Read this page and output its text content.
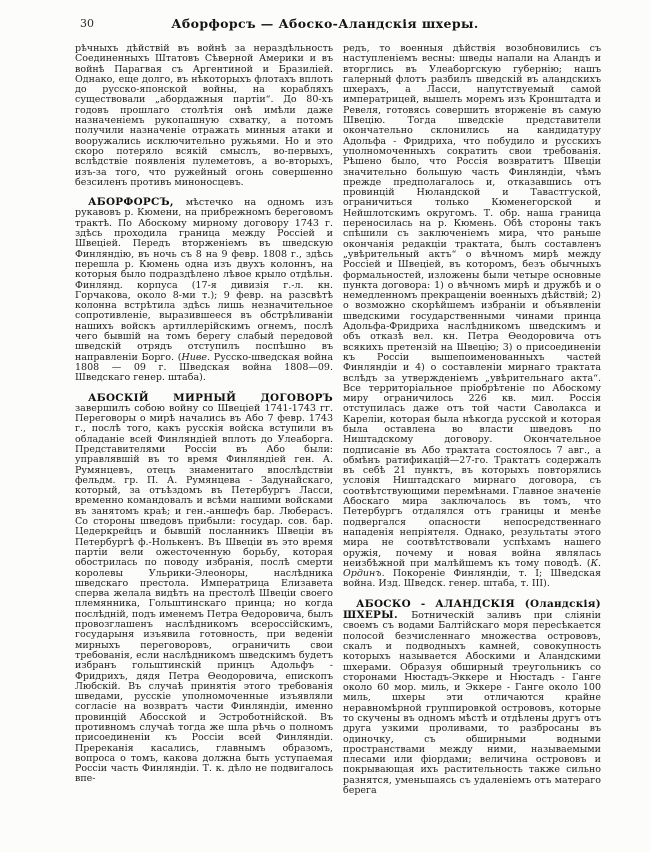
30	Аборфорсъ — Абоско-Аландскія шхеры.

рѣчныхъ дѣйствій въ войнѣ за нераздѣльность Соединенныхъ Штатовъ Сѣверной Америки и въ войнѣ Парагвая съ Аргентиной и Бразиліей. Однако, еще долго, въ нѣкоторыхъ флотахъ вплоть до русско-японской войны, на корабляхъ существовали „абордажныя партіи“. До 80-хъ годовъ прошлаго столѣтія онѣ имѣли даже назначеніемъ рукопашную схватку, а потомъ получили назначеніе отражать минныя атаки и вооружались исключительно ружьями. Но и это скоро потеряло всякій смыслъ, во-первыхъ, вслѣдствіе появленія пулеметовъ, а во-вторыхъ, изъ-за того, что ружейный огонь совершенно безсиленъ противъ миноносцевъ.

АБОРФОРСЪ, мѣстечко на одномъ изъ рукавовъ р. Кюмени, на прибрежномъ береговомъ трактѣ. По Абоскому мирному договору 1743 г. здѣсь проходила граница между Россіей и Швеціей. Передъ вторженіемъ въ шведскую Финляндію, въ ночь съ 8 на 9 февр. 1808 г., здѣсь перешла р. Кюмень одна изъ двухъ колоннъ, на которыя было подраздѣлено лѣвое крыло отдѣльн. Финлянд. корпуса (17-я дивизія г.-л. кн. Горчакова, около 8-ми т.); 9 февр. на разсвѣтѣ колонна встрѣтила здѣсь лишь незначительное сопротивленіе, выразившееся въ обстрѣливаніи нашихъ войскъ артиллерійскимъ огнемъ, послѣ чего бывшій на томъ берегу слабый передовой шведскій отрядъ отступилъ поспѣшно въ направленіи Борго. (Ниве. Русско-шведская война 1808 — 09 г. Шведская война 1808—09. Шведскаго генер. штаба).

АБОСКІЙ МИРНЫЙ ДОГОВОРЪ завершилъ собою войну со Швеціей 1741-1743 гг. Переговоры о мирѣ начались въ Або 7 февр. 1743 г., послѣ того, какъ русскія войска вступили въ обладаніе всей Финляндіей вплоть до Улеаборга. Представителями Россіи въ Або были: управлявшій въ то время Финляндіей ген. А. Румянцевъ, отецъ знаменитаго впослѣдствіи фельдм. гр. П. А. Румянцева - Задунайскаго, который, за отъѣздомъ въ Петербургъ Ласси, временно командовалъ и всѣми нашими войсками въ занятомъ краѣ; и ген.-аншефъ бар. Люберасъ. Со стороны шведовъ прибыли: государ. сов. бар. Цедеркрейцъ и бывшій посланникъ Швеціи въ Петербургѣ ф.-Нолькенъ. Въ Швеціи въ это время партіи вели ожесточенную борьбу, которая обострилась по поводу избранія, послѣ смерти королевы Ульрики-Элеоноры, наслѣдника шведскаго престола. Императрица Елизавета сперва желала видѣть на престолѣ Швеціи своего племянника, Гольштинскаго принца; но когда послѣдній, подъ именемъ Петра Ѳедоровича, былъ провозглашенъ наслѣдникомъ всероссійскимъ, государыня изъявила готовность, при веденіи мирныхъ переговоровъ, ограничить свои требованія, если наслѣдникомъ шведскимъ будетъ избранъ гольштинскій принцъ Адольфъ - Фридрихъ, дядя Петра Ѳеодоровича, епископъ Любскій. Въ случаѣ принятія этого требованія шведами, русскіе уполномоченные изъявляли согласіе на возвратъ части Финляндіи, именно провинцій Абосской и Эстроботнійской. Въ противномъ случаѣ тогда же шла рѣчь о полномъ присоединеніи къ Россіи всей Финляндіи. Пререканія касались, главнымъ образомъ, вопроса о томъ, какова должна быть уступаемая Россіи часть Финляндіи. Т. к. дѣло не подвигалось впе-

редъ, то военныя дѣйствія возобновились съ наступленіемъ весны: шведы напали на Аландъ и вторглись въ Улеаборгскую губернію; нашъ галерный флотъ разбилъ шведскій въ аландскихъ шхерахъ, а Ласси, напутствуемый самой императрицей, вышелъ моремъ изъ Кронштадта и Ревеля, готовясь совершить вторженіе въ самую Швецію. Тогда шведскіе представители окончательно склонились на кандидатуру Адольфа - Фридриха, что побудило и русскихъ уполномоченныхъ сократить свои требованія. Рѣшено было, что Россія возвратитъ Швеціи значительно большую часть Финляндіи, чѣмъ прежде предполагалось и, отказавшись отъ провинцій Нюландской и Тавастгуской, ограничиться только Кюменегорской и Нейшлотскимъ округомъ. Т. обр. наша граница переносилась на р. Кюмень. Обѣ стороны такъ спѣшили съ заключеніемъ мира, что раньше окончанія редакціи трактата, былъ составленъ „увѣрительный актъ“ о вѣчномъ мирѣ между Россіей и Швеціей, въ которомъ, безъ обычныхъ формальностей, изложены были четыре основные пункта договора: 1) о вѣчномъ мирѣ и дружбѣ и о немедленномъ прекращеніи военныхъ дѣйствій; 2) о возможно скорѣйшемъ избраніи и объявленіи шведскими государственными чинами принца Адольфа-Фридриха наслѣдникомъ шведскимъ и объ отказѣ вел. кн. Петра Ѳеодоровича отъ всякихъ претензій на Швецію; 3) о присоединеніи къ Россіи вышепоименованныхъ частей Финляндіи и 4) о составленіи мирнаго трактата вслѣдъ за утвержденіемъ „увѣрительнаго акта“. Все территоріальное пріобрѣтеніе по Абоскому миру ограничилось 226 кв. мил. Россія отступилась даже отъ той части Саволакса и Кареліи, которая была нѣкогда русской и которая была оставлена во власти шведовъ по Ништадскому договору. Окончательное подписаніе въ Або трактата состоялось 7 авг., а обмѣнъ ратификацій—27-го. Трактатъ содержалъ въ себѣ 21 пунктъ, въ которыхъ повторялись условія Ништадскаго мирнаго договора, съ соотвѣтствующими перемѣнами. Главное значеніе Абоскаго мира заключалось въ томъ, что Петербургъ отдалялся отъ границы и менѣе подвергался опасности непосредственнаго нападенія непріятеля. Однако, результаты этого мира не соотвѣтствовали успѣхамъ нашего оружія, почему и новая война являлась неизбѣжной при малѣйшемъ къ тому поводѣ. (К. Ординъ. Покореніе Финляндіи, т. I; Шведская война. Изд. Шведск. генер. штаба, т. III).

АБОСКО - АЛАНДСКІЯ (Оландскія) ШХЕРЫ. Ботническій заливъ при сліяніи своемъ съ водами Балтійскаго моря пересѣкается полосой безчисленнаго множества острововъ, скалъ и подводныхъ камней, совокупность которыхъ называется Абоскими и Аландскими шхерами. Образуя обширный треугольникъ со сторонами Нюстадъ-Эккере и Нюстадъ - Ганге около 60 мор. миль, и Эккере - Ганге около 100 миль, шхеры эти отличаются крайне неравномѣрной группировкой острововъ, которые то скучены въ одномъ мѣстѣ и отдѣлены другъ отъ друга узкими проливами, то разбросаны въ одиночку, съ обширными водными пространствами между ними, называемыми плесами или фіордами; величина острововъ и покрывающая ихъ растительность также сильно разнятся, уменьшаясь съ удаленіемъ отъ матераго берега
